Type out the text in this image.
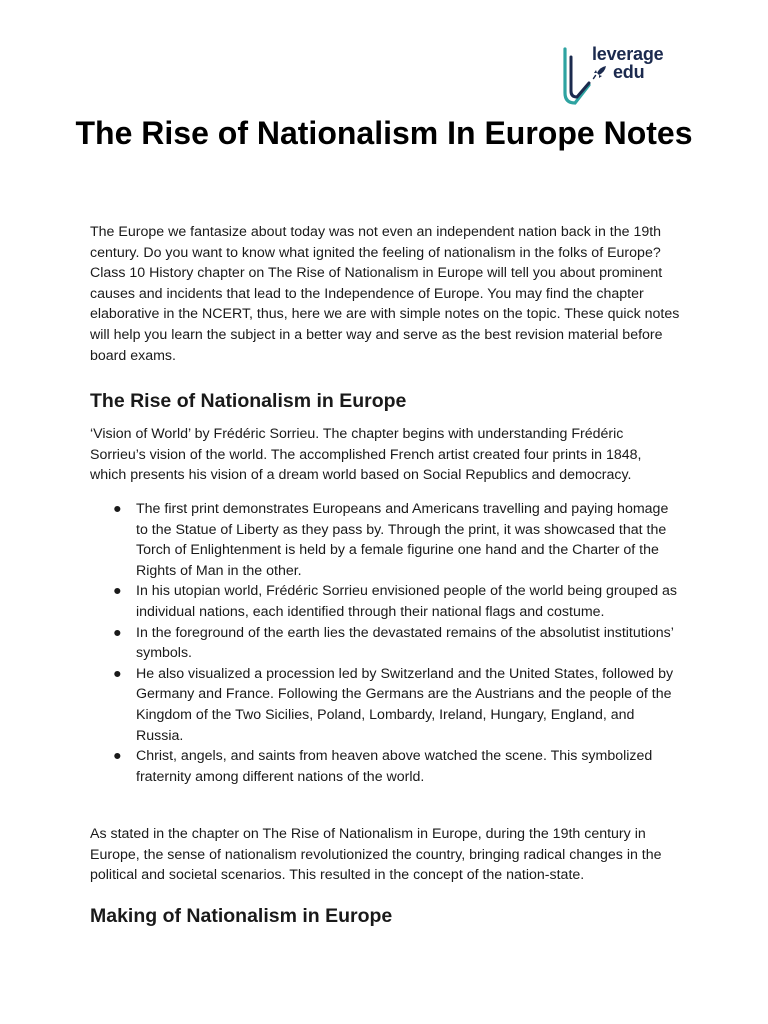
leverage
edu
The Rise of Nationalism In Europe Notes

The Europe we fantasize about today was not even an independent nation back in the 19th century. Do you want to know what ignited the feeling of nationalism in the folks of Europe? Class 10 History chapter on The Rise of Nationalism in Europe will tell you about prominent causes and incidents that lead to the Independence of Europe. You may find the chapter elaborative in the NCERT, thus, here we are with simple notes on the topic. These quick notes will help you learn the subject in a better way and serve as the best revision material before board exams.

The Rise of Nationalism in Europe

‘Vision of World’ by Frédéric Sorrieu. The chapter begins with understanding Frédéric Sorrieu’s vision of the world. The accomplished French artist created four prints in 1848, which presents his vision of a dream world based on Social Republics and democracy.

● The first print demonstrates Europeans and Americans travelling and paying homage to the Statue of Liberty as they pass by. Through the print, it was showcased that the Torch of Enlightenment is held by a female figurine one hand and the Charter of the Rights of Man in the other.
● In his utopian world, Frédéric Sorrieu envisioned people of the world being grouped as individual nations, each identified through their national flags and costume.
● In the foreground of the earth lies the devastated remains of the absolutist institutions’ symbols.
● He also visualized a procession led by Switzerland and the United States, followed by Germany and France. Following the Germans are the Austrians and the people of the Kingdom of the Two Sicilies, Poland, Lombardy, Ireland, Hungary, England, and Russia.
● Christ, angels, and saints from heaven above watched the scene. This symbolized fraternity among different nations of the world.

As stated in the chapter on The Rise of Nationalism in Europe, during the 19th century in Europe, the sense of nationalism revolutionized the country, bringing radical changes in the political and societal scenarios. This resulted in the concept of the nation-state.

Making of Nationalism in Europe
